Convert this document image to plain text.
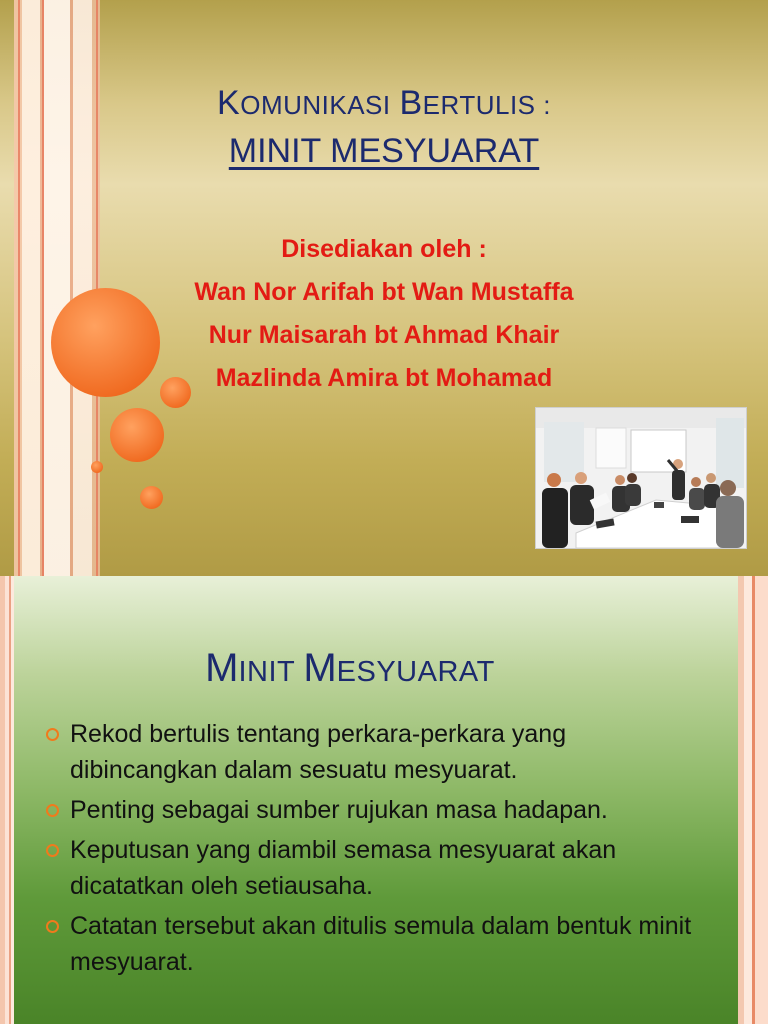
KOMUNIKASI BERTULIS :
MINIT MESYUARAT
Disediakan oleh :
Wan Nor Arifah bt Wan Mustaffa
Nur Maisarah bt Ahmad Khair
Mazlinda Amira bt Mohamad
MINIT MESYUARAT
Rekod bertulis tentang perkara-perkara yang dibincangkan dalam sesuatu mesyuarat.
Penting sebagai sumber rujukan masa hadapan.
Keputusan yang diambil semasa mesyuarat akan dicatatkan oleh setiausaha.
Catatan tersebut akan ditulis semula dalam bentuk minit mesyuarat.
